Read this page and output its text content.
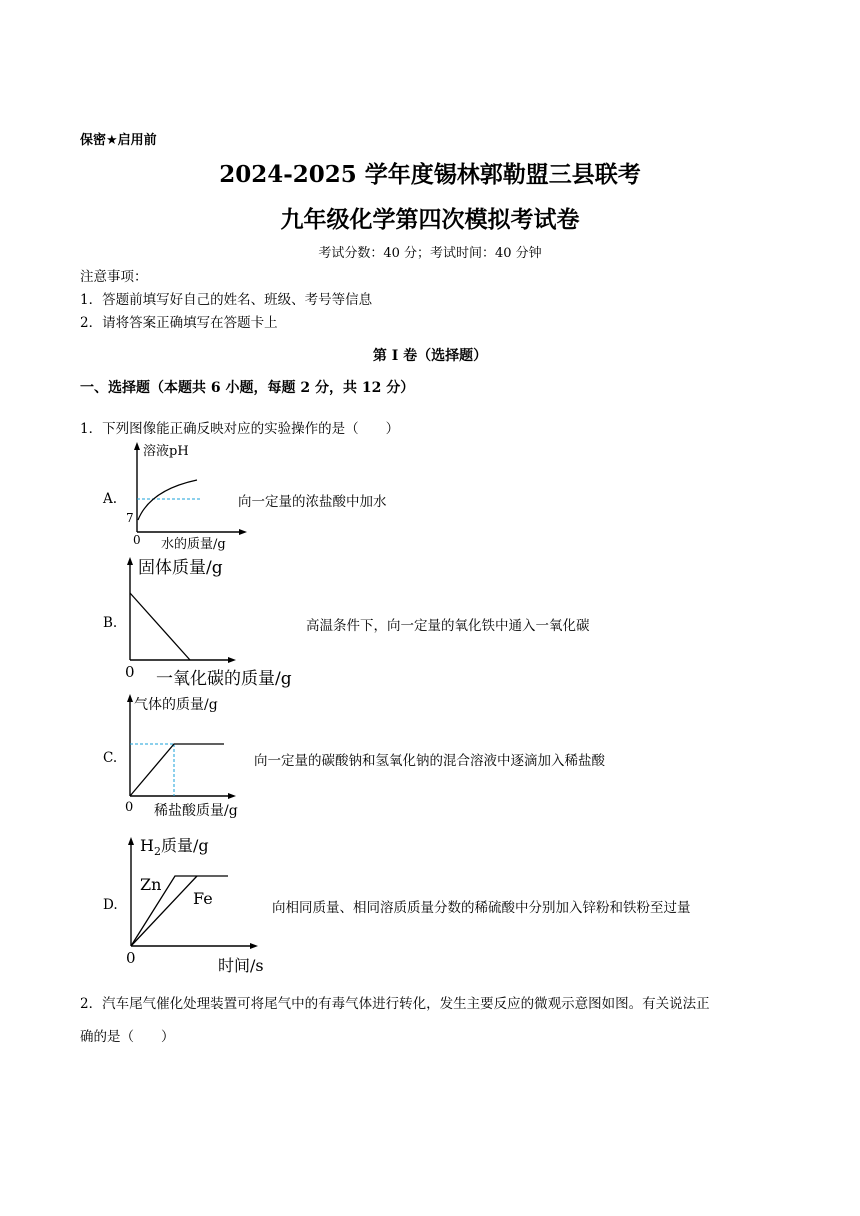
保密★启用前
2024-2025 学年度锡林郭勒盟三县联考
九年级化学第四次模拟考试卷
考试分数：40 分；考试时间：40 分钟
注意事项：
1．答题前填写好自己的姓名、班级、考号等信息
2．请将答案正确填写在答题卡上
第 I 卷（选择题）
一、选择题（本题共 6 小题，每题 2 分，共 12 分）
1．下列图像能正确反映对应的实验操作的是（　　）
A.
溶液pH
水的质量/g
0
7
向一定量的浓盐酸中加水
B.
固体质量/g
一氧化碳的质量/g
0
高温条件下，向一定量的氧化铁中通入一氧化碳
C.
气体的质量/g
稀盐酸质量/g
0
向一定量的碳酸钠和氢氧化钠的混合溶液中逐滴加入稀盐酸
D.
$H_2$质量/g
Zn
Fe
时间/s
0
向相同质量、相同溶质质量分数的稀硫酸中分别加入锌粉和铁粉至过量
2．汽车尾气催化处理装置可将尾气中的有毒气体进行转化，发生主要反应的微观示意图如图。有关说法正
确的是（　　）
